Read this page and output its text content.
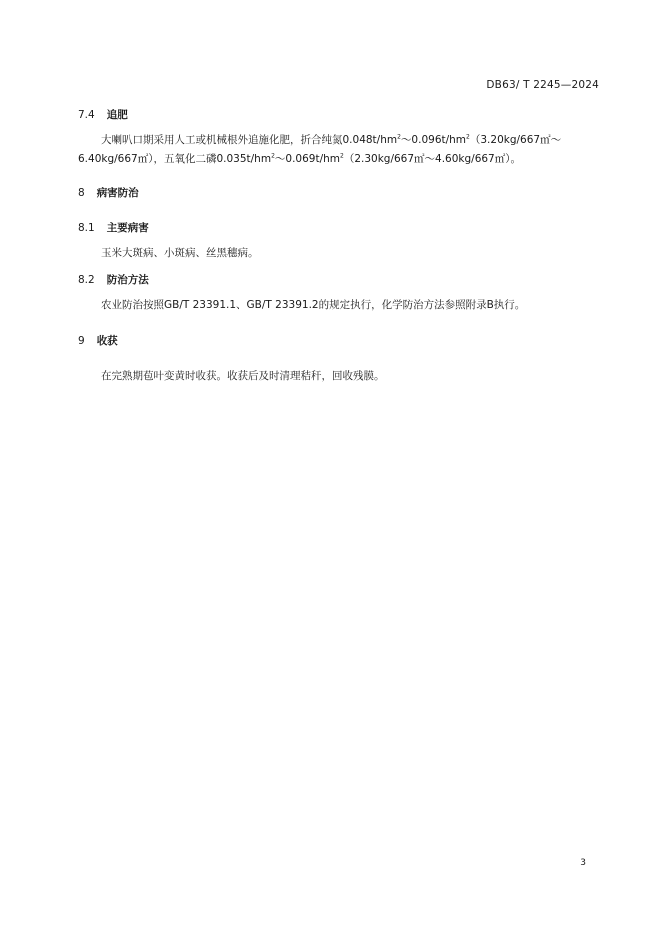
DB63/ T 2245—2024
7.4 追肥
大喇叭口期采用人工或机械根外追施化肥，折合纯氮$0.048t/hm^2\sim 0.096t/hm^2(3.20kg/667㎡\sim 6.40kg/667㎡)$，五氧化二磷$0.035t/hm^2\sim 0.069t/hm^2(2.30kg/667㎡\sim 4.60kg/667㎡)$。
8 病害防治
8.1 主要病害
玉米大斑病、小斑病、丝黑穗病。
8.2 防治方法
农业防治按照GB/T 23391.1、GB/T 23391.2的规定执行，化学防治方法参照附录B执行。
9 收获
在完熟期苞叶变黄时收获。收获后及时清理秸秆，回收残膜。
3
